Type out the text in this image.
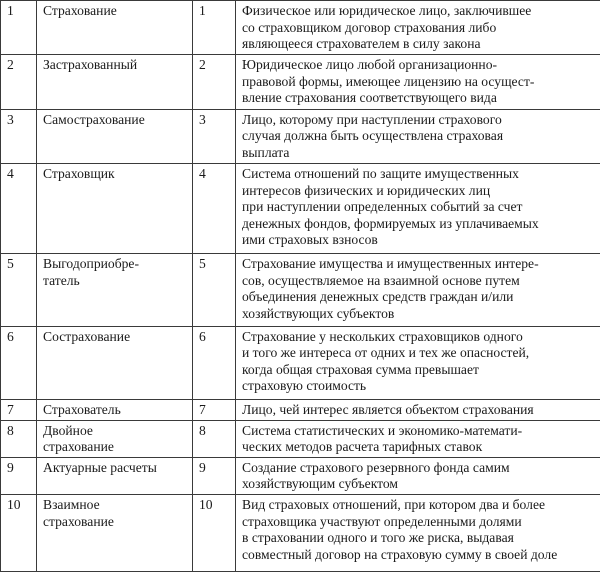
1	Страхование	1	Физическое или юридическое лицо, заключившее
со страховщиком договор страхования либо
являющееся страхователем в силу закона

2	Застрахованный	2	Юридическое лицо любой организационно-
правовой формы, имеющее лицензию на осущест-
вление страхования соответствующего вида

3	Самострахование	3	Лицо, которому при наступлении страхового
случая должна быть осуществлена страховая
выплата

4	Страховщик	4	Система отношений по защите имущественных
интересов физических и юридических лиц
при наступлении определенных событий за счет
денежных фондов, формируемых из уплачиваемых
ими страховых взносов

5	Выгодоприобре-
татель	5	Страхование имущества и имущественных интере-
сов, осуществляемое на взаимной основе путем
объединения денежных средств граждан и/или
хозяйствующих субъектов

6	Сострахование	6	Страхование у нескольких страховщиков одного
и того же интереса от одних и тех же опасностей,
когда общая страховая сумма превышает
страховую стоимость

7	Страхователь	7	Лицо, чей интерес является объектом страхования

8	Двойное
страхование	8	Система статистических и экономико-математи-
ческих методов расчета тарифных ставок

9	Актуарные расчеты	9	Создание страхового резервного фонда самим
хозяйствующим субъектом

10	Взаимное
страхование	10	Вид страховых отношений, при котором два и более
страховщика участвуют определенными долями
в страховании одного и того же риска, выдавая
совместный договор на страховую сумму в своей доле
